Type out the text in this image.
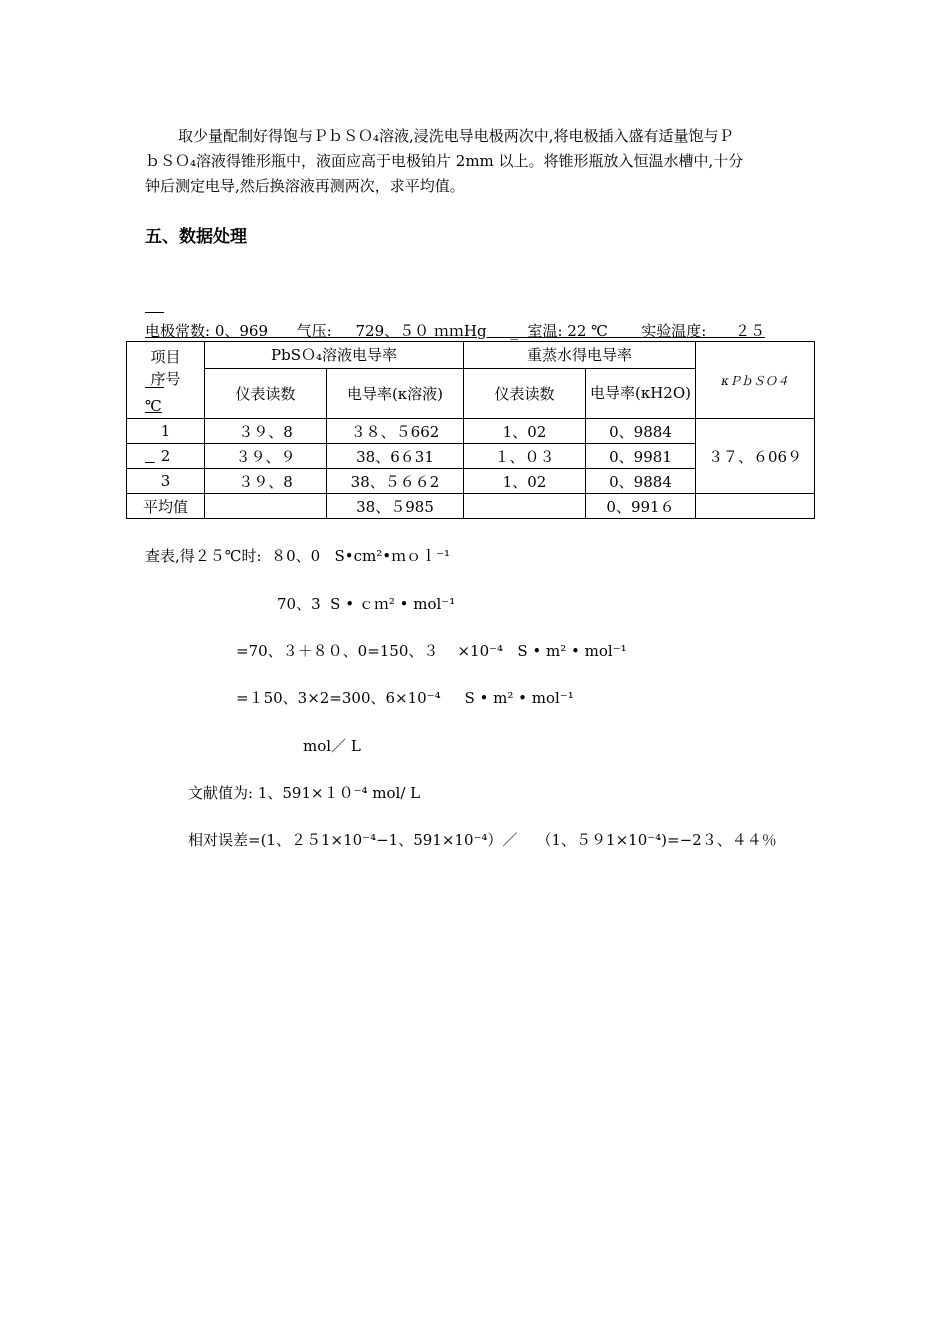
取少量配制好得饱与ＰｂＳＯ₄溶液,浸洗电导电极两次中,将电极插入盛有适量饱与Ｐ
ｂＳＯ₄溶液得锥形瓶中，液面应高于电极铂片 2mm 以上。将锥形瓶放入恒温水槽中,十分
钟后测定电导,然后换溶液再测两次，求平均值。
五、数据处理

电极常数: 0、969      气压:     729、５０ ｍｍHg     _  室温: 22 ℃       实验温度:      ２５

℃

项目
序号	PbSＯ₄溶液电导率		重蒸水得电导率		κＰｂＳＯ４
	仪表读数	电导率(κ溶液)	仪表读数	电导率(κH2O)	
1	３９、8	３８、５662	1、02	0、9884	３７、６06９
2	３９、９	38、6６31	１、０３	0、9981	
3	３９、8	38、５６６2	1、02	0、9884	
平均值		38、５985		0、991６	
查表,得２５℃时:  ８0、0   S•cm²•ｍｏｌ⁻¹
70、3  S • ｃｍ² • mol⁻¹
=70、３＋８０、0=150、３    ×10⁻⁴   S • m² • mol⁻¹
=１50、3×2=300、6×10⁻⁴     S • m² • mol⁻¹
mol／ L
文献值为: 1、591×１０⁻⁴ mol/ L
相对误差=(1、２５1×10⁻⁴−1、591×10⁻⁴）／    （1、５９1×10⁻⁴)=−2３、４４％
